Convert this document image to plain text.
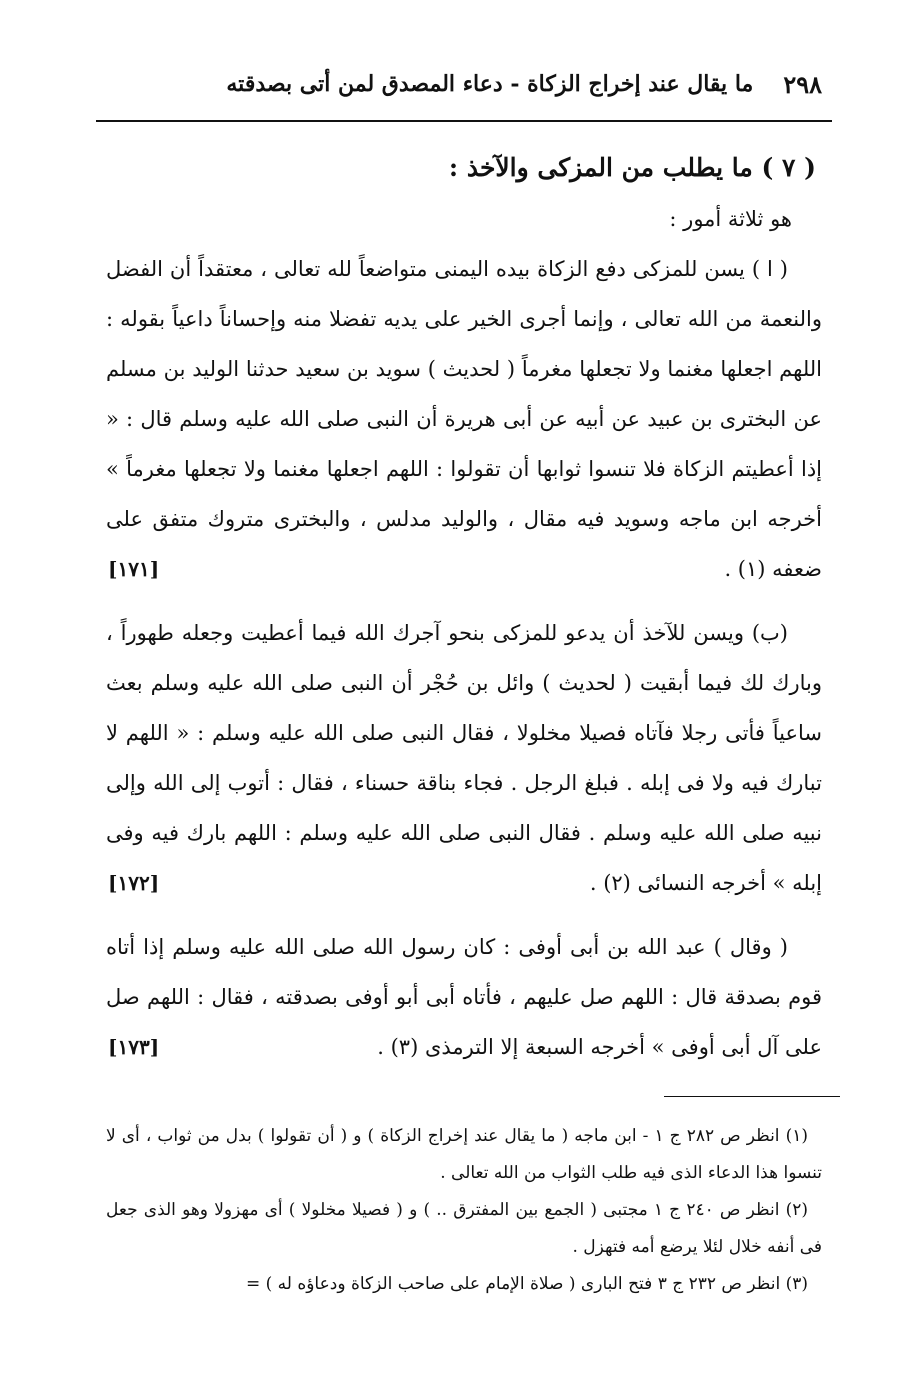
٢٩٨
ما يقال عند إخراج الزكاة - دعاء المصدق لمن أتى بصدقته
( ٧ ) ما يطلب من المزكى والآخذ :
هو ثلاثة أمور :

( ا ) يسن للمزكى دفع الزكاة بيده اليمنى متواضعاً لله تعالى ، معتقداً أن الفضل والنعمة من الله تعالى ، وإنما أجرى الخير على يديه تفضلا منه وإحساناً داعياً بقوله : اللهم اجعلها مغنما ولا تجعلها مغرماً ( لحديث ) سويد بن سعيد حدثنا الوليد بن مسلم عن البخترى بن عبيد عن أبيه عن أبى هريرة أن النبى صلى الله عليه وسلم قال : « إذا أعطيتم الزكاة فلا تنسوا ثوابها أن تقولوا : اللهم اجعلها مغنما ولا تجعلها مغرماً » أخرجه ابن ماجه وسويد فيه مقال ، والوليد مدلس ، والبخترى متروك متفق على ضعفه (١) .
[١٧١]

(ب) ويسن للآخذ أن يدعو للمزكى بنحو آجرك الله فيما أعطيت وجعله طهوراً ، وبارك لك فيما أبقيت ( لحديث ) وائل بن حُجْر أن النبى صلى الله عليه وسلم بعث ساعياً فأتى رجلا فآتاه فصيلا مخلولا ، فقال النبى صلى الله عليه وسلم : « اللهم لا تبارك فيه ولا فى إبله . فبلغ الرجل . فجاء بناقة حسناء ، فقال : أتوب إلى الله وإلى نبيه صلى الله عليه وسلم . فقال النبى صلى الله عليه وسلم : اللهم بارك فيه وفى إبله » أخرجه النسائى (٢) .
[١٧٢]

( وقال ) عبد الله بن أبى أوفى : كان رسول الله صلى الله عليه وسلم إذا أتاه قوم بصدقة قال : اللهم صل عليهم ، فأتاه أبى أبو أوفى بصدقته ، فقال : اللهم صل على آل أبى أوفى » أخرجه السبعة إلا الترمذى (٣) .
[١٧٣]

(١) انظر ص ٢٨٢ ج ١ - ابن ماجه ( ما يقال عند إخراج الزكاة ) و ( أن تقولوا ) بدل من ثواب ، أى لا تنسوا هذا الدعاء الذى فيه طلب الثواب من الله تعالى .

(٢) انظر ص ٢٤٠ ج ١ مجتبى ( الجمع بين المفترق .. ) و ( فصيلا مخلولا ) أى مهزولا وهو الذى جعل فى أنفه خلال لئلا يرضع أمه فتهزل .

(٣) انظر ص ٢٣٢ ج ٣ فتح البارى ( صلاة الإمام على صاحب الزكاة ودعاؤه له ) =
